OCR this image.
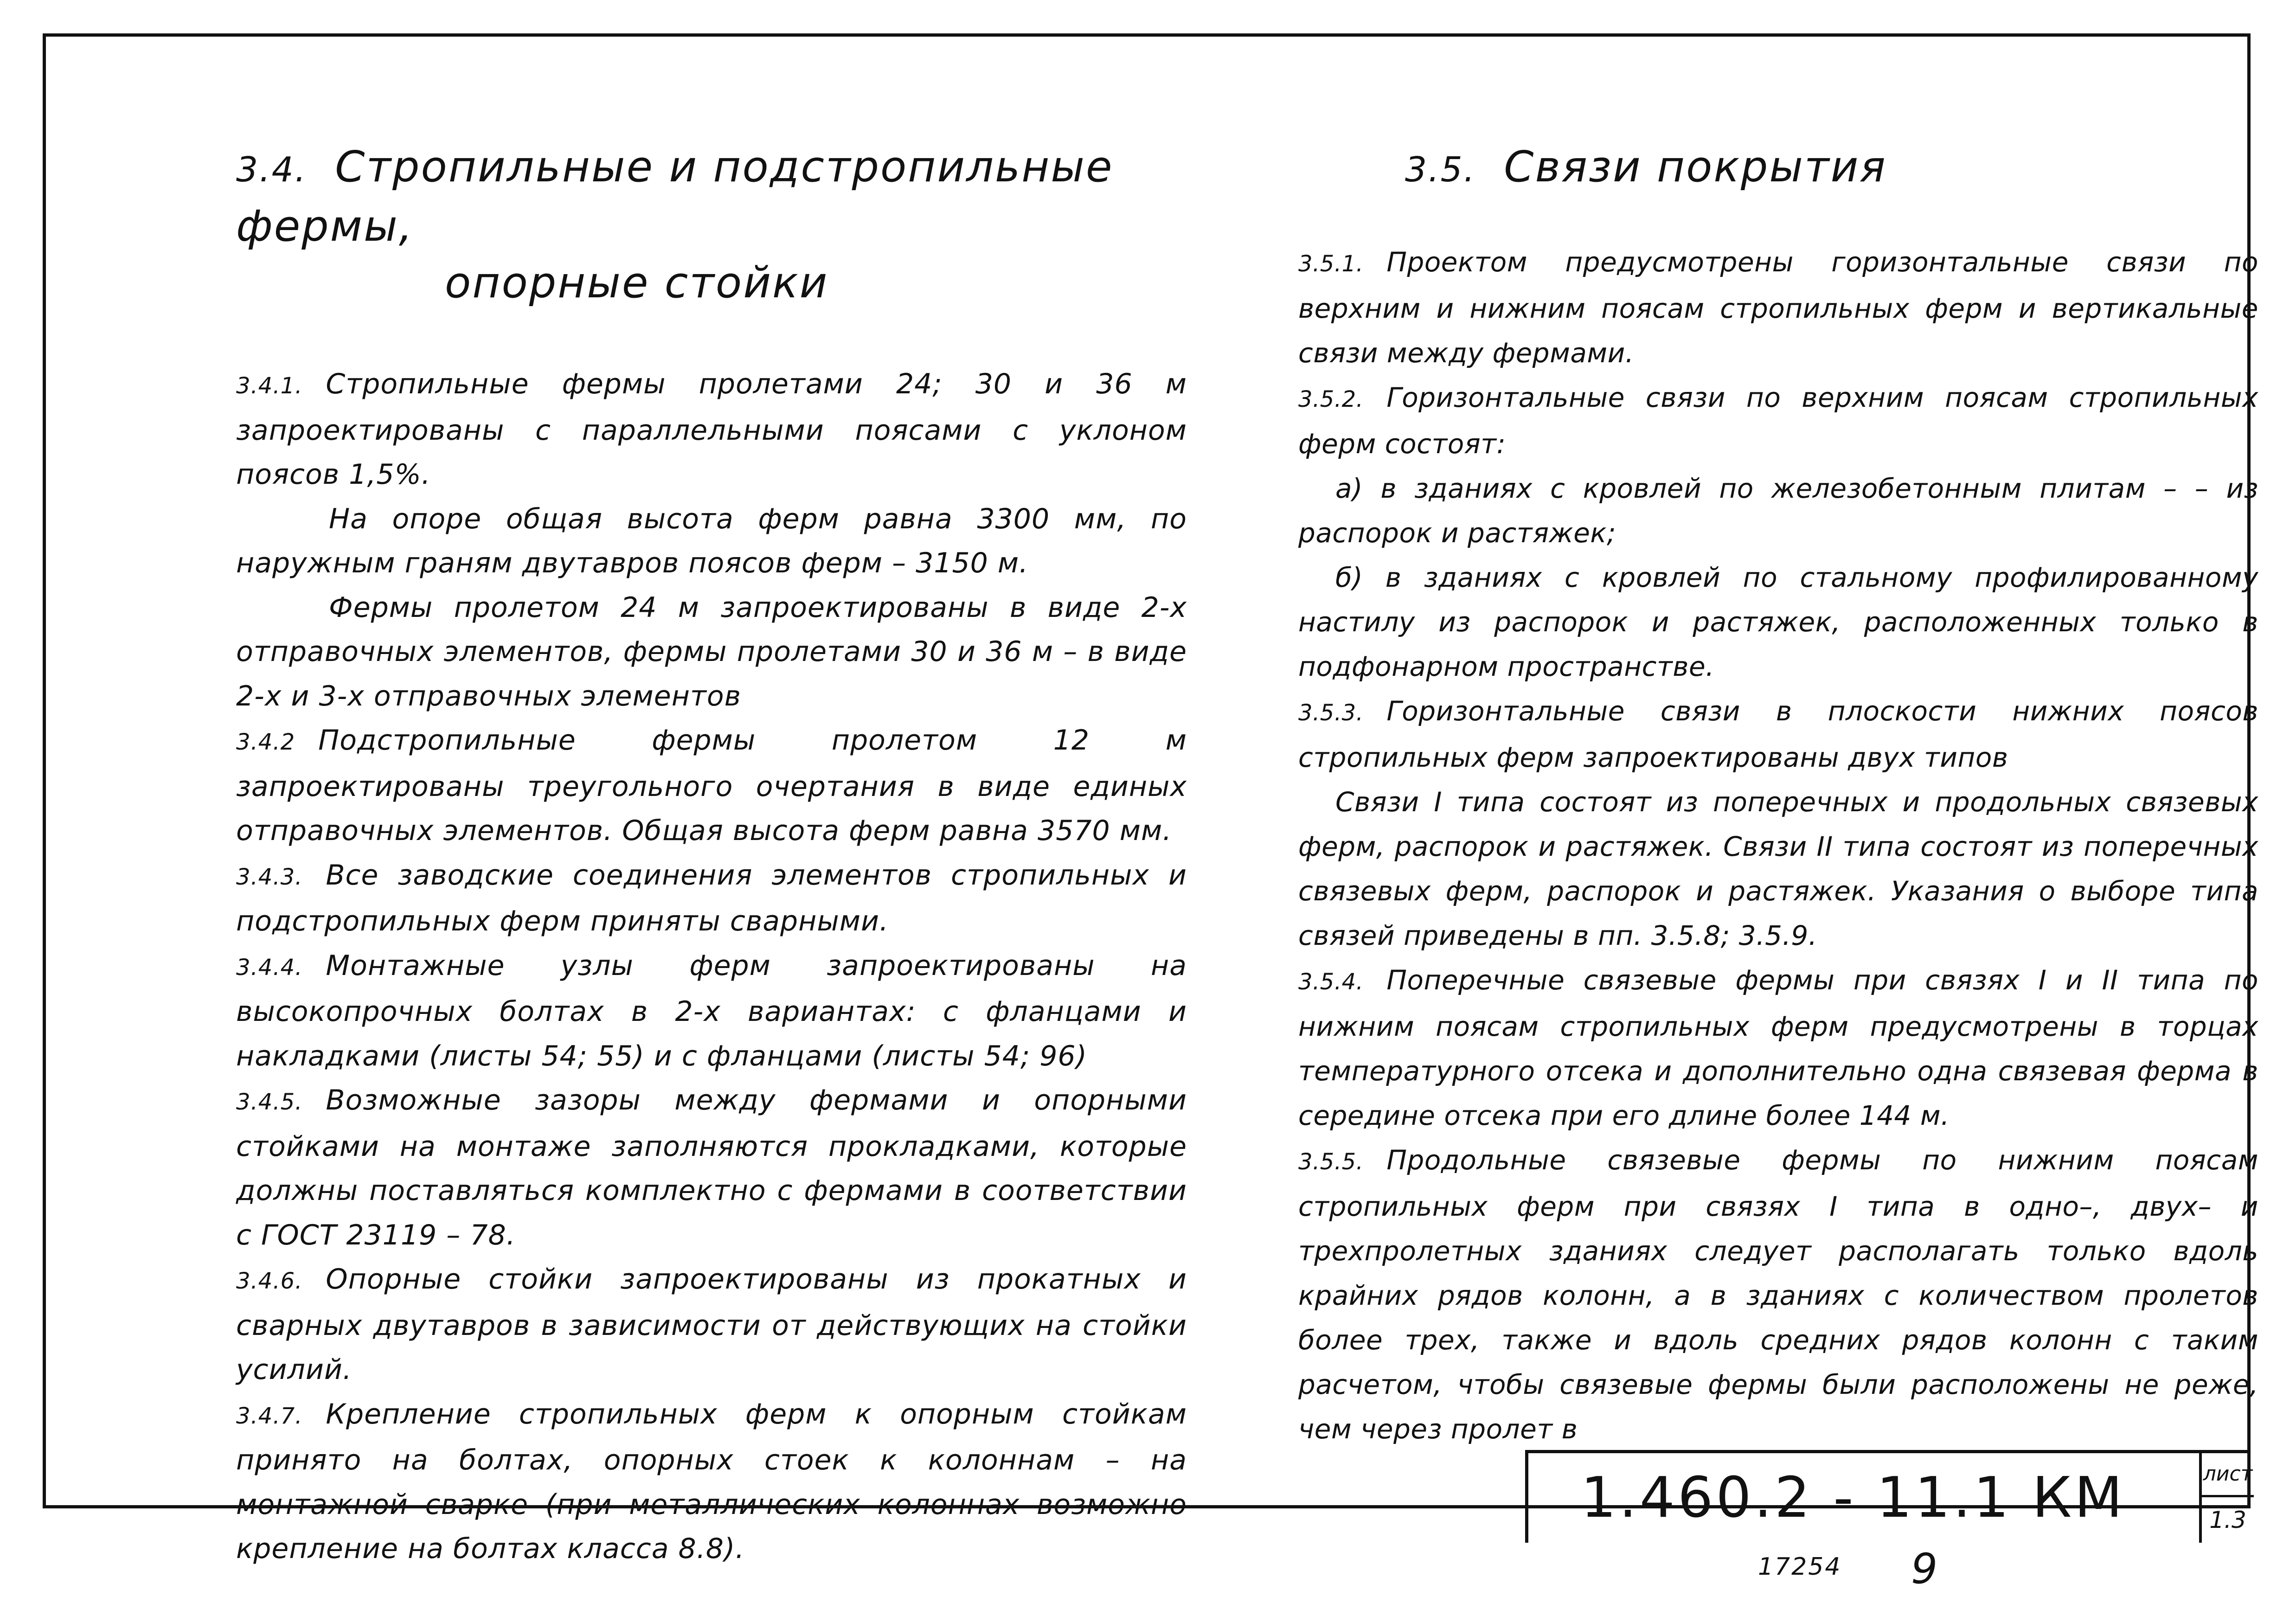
3.4. Стропильные и подстропильные фермы,
опорные стойки

3.4.1. Стропильные фермы пролетами 24; 30 и 36 м запроектированы с параллельными поясами с уклоном поясов 1,5%.

На опоре общая высота ферм равна 3300 мм, по наружным граням двутавров поясов ферм – 3150 м.

Фермы пролетом 24 м запроектированы в виде 2-х отправочных элементов, фермы пролетами 30 и 36 м – в виде 2-х и 3-х отправочных элементов

3.4.2 Подстропильные фермы пролетом 12 м запроектированы треугольного очертания в виде единых отправочных элементов. Общая высота ферм равна 3570 мм.

3.4.3. Все заводские соединения элементов стропильных и подстропильных ферм приняты сварными.

3.4.4. Монтажные узлы ферм запроектированы на высокопрочных болтах в 2-х вариантах: с фланцами и накладками (листы 54; 55) и с фланцами (листы 54; 96)

3.4.5. Возможные зазоры между фермами и опорными стойками на монтаже заполняются прокладками, которые должны поставляться комплектно с фермами в соответствии с ГОСТ 23119 – 78.

3.4.6. Опорные стойки запроектированы из прокатных и сварных двутавров в зависимости от действующих на стойки усилий.

3.4.7. Крепление стропильных ферм к опорным стойкам принято на болтах, опорных стоек к колоннам – на монтажной сварке (при металлических колоннах возможно крепление на болтах класса 8.8).

3.5. Связи покрытия

3.5.1. Проектом предусмотрены горизонтальные связи по верхним и нижним поясам стропильных ферм и вертикальные связи между фермами.

3.5.2. Горизонтальные связи по верхним поясам стропильных ферм состоят:

а) в зданиях с кровлей по железобетонным плитам – – из распорок и растяжек;

б) в зданиях с кровлей по стальному профилированному настилу из распорок и растяжек, расположенных только в подфонарном пространстве.

3.5.3. Горизонтальные связи в плоскости нижних поясов стропильных ферм запроектированы двух типов

Связи I типа состоят из поперечных и продольных связевых ферм, распорок и растяжек. Связи II типа состоят из поперечных связевых ферм, распорок и растяжек. Указания о выборе типа связей приведены в пп. 3.5.8; 3.5.9.

3.5.4. Поперечные связевые фермы при связях I и II типа по нижним поясам стропильных ферм предусмотрены в торцах температурного отсека и дополнительно одна связевая ферма в середине отсека при его длине более 144 м.

3.5.5. Продольные связевые фермы по нижним поясам стропильных ферм при связях I типа в одно–, двух– и трехпролетных зданиях следует располагать только вдоль крайних рядов колонн, а в зданиях с количеством пролетов более трех, также и вдоль средних рядов колонн с таким расчетом, чтобы связевые фермы были расположены не реже, чем через пролет в

1.460.2 - 11.1 КМ	лист
1.3
17254 9
